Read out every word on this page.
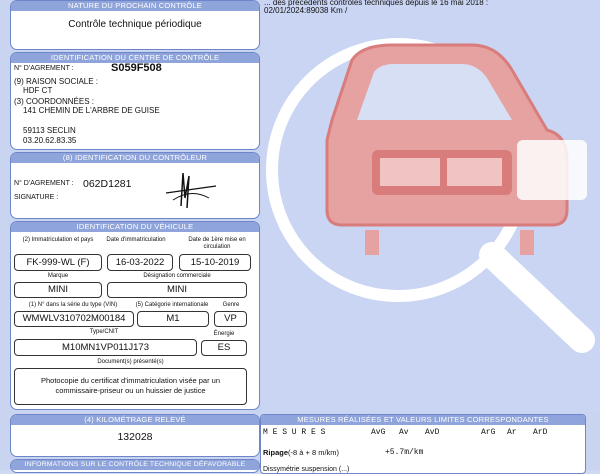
... des précédents contrôles techniques depuis le 16 mai 2018 :
02/01/2024:89038 Km /
NATURE DU PROCHAIN CONTRÔLE
Contrôle technique périodique
IDENTIFICATION DU CENTRE DE CONTRÔLE
N° D'AGREMENT :	S059F508
(9) RAISON SOCIALE :
HDF CT
(3) COORDONNÉES :
141 CHEMIN DE L'ARBRE DE GUISE
59113 SECLIN
03.20.62.83.35
(8) IDENTIFICATION DU CONTRÔLEUR
N° D'AGREMENT : 062D1281
SIGNATURE :
IDENTIFICATION DU VÉHICULE
(2) Immatriculation et pays	Date d'immatriculation	Date de 1ère mise en circulation
FK-999-WL (F)	16-03-2022	15-10-2019
Marque	Désignation commerciale
MINI	MINI
(1) N° dans la série du type (VIN)	(5) Catégorie internationale	Genre
WMWLV310702M00184	M1	VP
Type/CNIT	Énergie
M10MN1VP011J173	ES
Document(s) présenté(s)
Photocopie du certificat d'immatriculation visée par un
commissaire-priseur ou un huissier de justice
(4) KILOMÉTRAGE RELEVÉ
132028
INFORMATIONS SUR LE CONTRÔLE TECHNIQUE DÉFAVORABLE
MESURES RÉALISÉES ET VALEURS LIMITES CORRESPONDANTES
M E S U R E S	AvG Av AvD	ArG Ar ArD
Ripage (-8 à + 8 m/km)	+5.7m/km
Dissymétrie suspension (...)
